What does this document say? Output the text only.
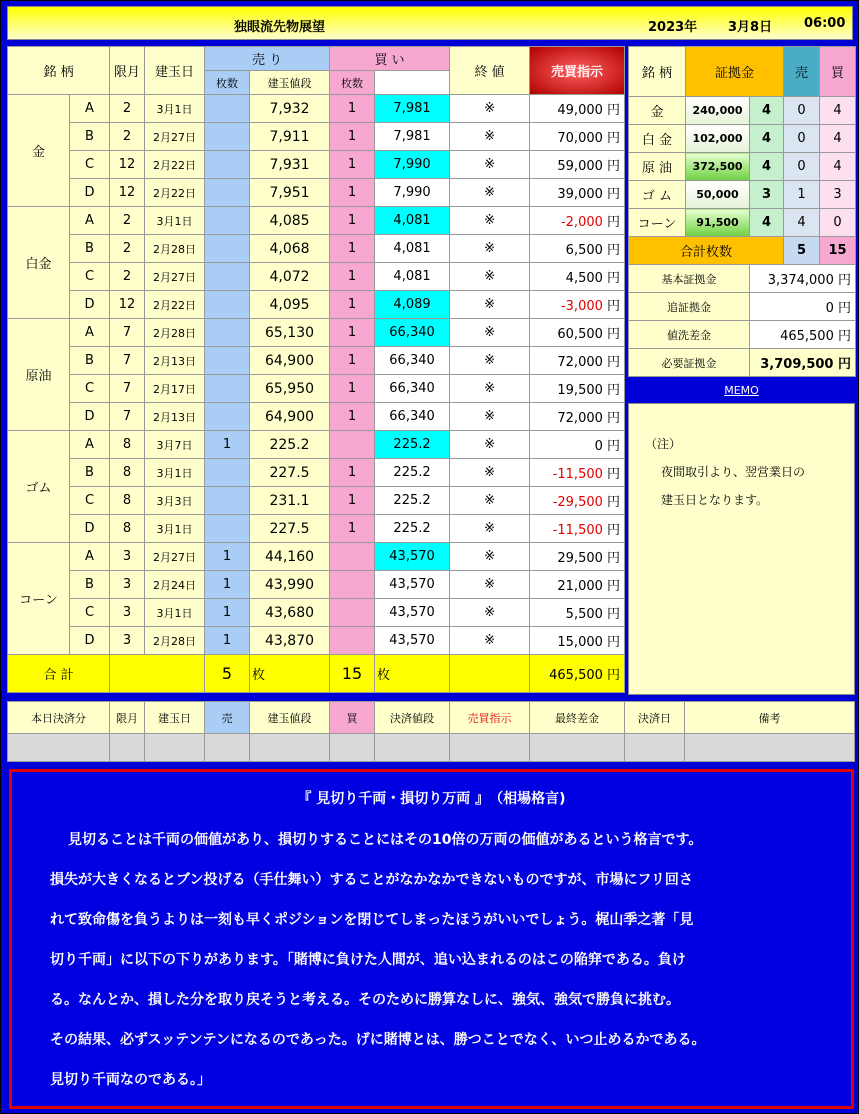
独眼流先物展望	2023年 3月8日 06:00
銘 柄		限月	建玉日	売 り		買 い		終 値	売買指示	
				枚数	建玉値段	枚数				
金	A	2	3月1日		7,932	1	7,981	※	49,000 円	
	B	2	2月27日		7,911	1	7,981	※	70,000 円	
	C	12	2月22日		7,931	1	7,990	※	59,000 円	
	D	12	2月22日		7,951	1	7,990	※	39,000 円	
白金	A	2	3月1日		4,085	1	4,081	※	-2,000 円	
	B	2	2月28日		4,068	1	4,081	※	6,500 円	
	C	2	2月27日		4,072	1	4,081	※	4,500 円	
	D	12	2月22日		4,095	1	4,089	※	-3,000 円	
原油	A	7	2月28日		65,130	1	66,340	※	60,500 円	
	B	7	2月13日		64,900	1	66,340	※	72,000 円	
	C	7	2月17日		65,950	1	66,340	※	19,500 円	
	D	7	2月13日		64,900	1	66,340	※	72,000 円	
ゴム	A	8	3月7日	1	225.2		225.2	※	0 円	
	B	8	3月1日		227.5	1	225.2	※	-11,500 円	
	C	8	3月3日		231.1	1	225.2	※	-29,500 円	
	D	8	3月1日		227.5	1	225.2	※	-11,500 円	
コーン	A	3	2月27日	1	44,160		43,570	※	29,500 円	
	B	3	2月24日	1	43,990		43,570	※	21,000 円	
	C	3	3月1日	1	43,680		43,570	※	5,500 円	
	D	3	2月28日	1	43,870		43,570	※	15,000 円	
合 計				5	枚	15	枚		465,500 円	
銘 柄	証拠金		売	買
金	240,000	4	0	4
白 金	102,000	4	0	4
原 油	372,500	4	0	4
ゴ ム	50,000	3	1	3
コーン	91,500	4	4	0
合計枚数			5	15
基本証拠金		3,374,000 円		
追証拠金		0 円		
値洗差金		465,500 円		
必要証拠金		3,709,500 円		
MEMO
（注）
夜間取引より、翌営業日の
建玉日となります。
本日決済分	限月	建玉日	売	建玉値段	買	決済値段	売買指示	最終差金	決済日	備考

『 見切り千両・損切り万両 』　（相場格言)

見切ることは千両の価値があり、損切りすることにはその10倍の万両の価値があるという格言です。

損失が大きくなるとブン投げる（手仕舞い）することがなかなかできないものですが、市場にフリ回さ

れて致命傷を負うよりは一刻も早くポジションを閉じてしまったほうがいいでしょう。梶山季之著「見

切り千両」に以下の下りがあります。「賭博に負けた人間が、追い込まれるのはこの陥穽である。負け

る。なんとか、損した分を取り戻そうと考える。そのために勝算なしに、強気、強気で勝負に挑む。

その結果、必ずスッテンテンになるのであった。げに賭博とは、勝つことでなく、いつ止めるかである。

見切り千両なのである。」
